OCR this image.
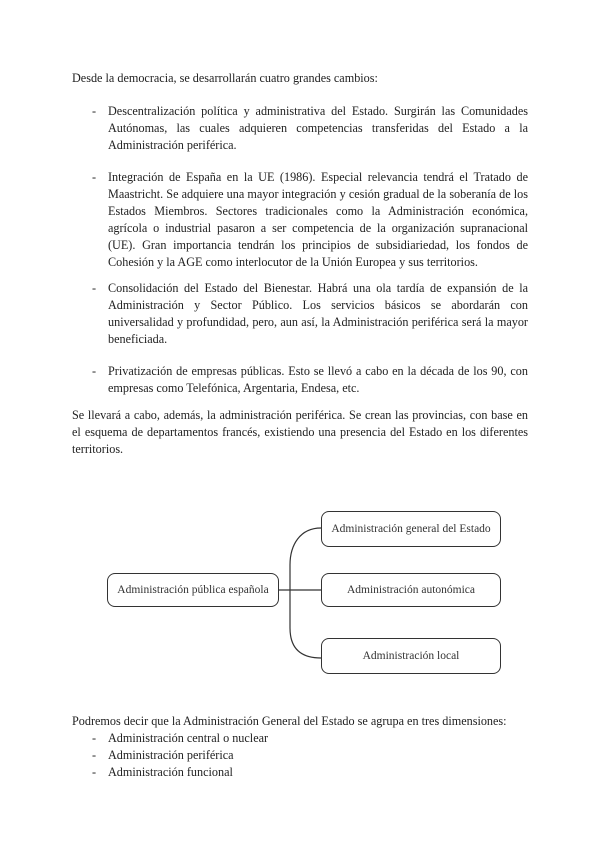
Desde la democracia, se desarrollarán cuatro grandes cambios:

- Descentralización política y administrativa del Estado. Surgirán las Comunidades
Autónomas, las cuales adquieren competencias transferidas del Estado a la
Administración periférica.
- Integración de España en la UE (1986). Especial relevancia tendrá el Tratado de
Maastricht. Se adquiere una mayor integración y cesión gradual de la soberanía de los
Estados Miembros. Sectores tradicionales como la Administración económica,
agrícola o industrial pasaron a ser competencia de la organización supranacional
(UE). Gran importancia tendrán los principios de subsidiariedad, los fondos de
Cohesión y la AGE como interlocutor de la Unión Europea y sus territorios.
- Consolidación del Estado del Bienestar. Habrá una ola tardía de expansión de la
Administración y Sector Público. Los servicios básicos se abordarán con
universalidad y profundidad, pero, aun así, la Administración periférica será la mayor
beneficiada.
- Privatización de empresas públicas. Esto se llevó a cabo en la década de los 90, con
empresas como Telefónica, Argentaria, Endesa, etc.
Se llevará a cabo, además, la administración periférica. Se crean las provincias, con base en
el esquema de departamentos francés, existiendo una presencia del Estado en los diferentes
territorios.
Administración pública española
Administración general del Estado
Administración autonómica
Administración local

Podremos decir que la Administración General del Estado se agrupa en tres dimensiones:

- Administración central o nuclear
- Administración periférica
- Administración funcional
